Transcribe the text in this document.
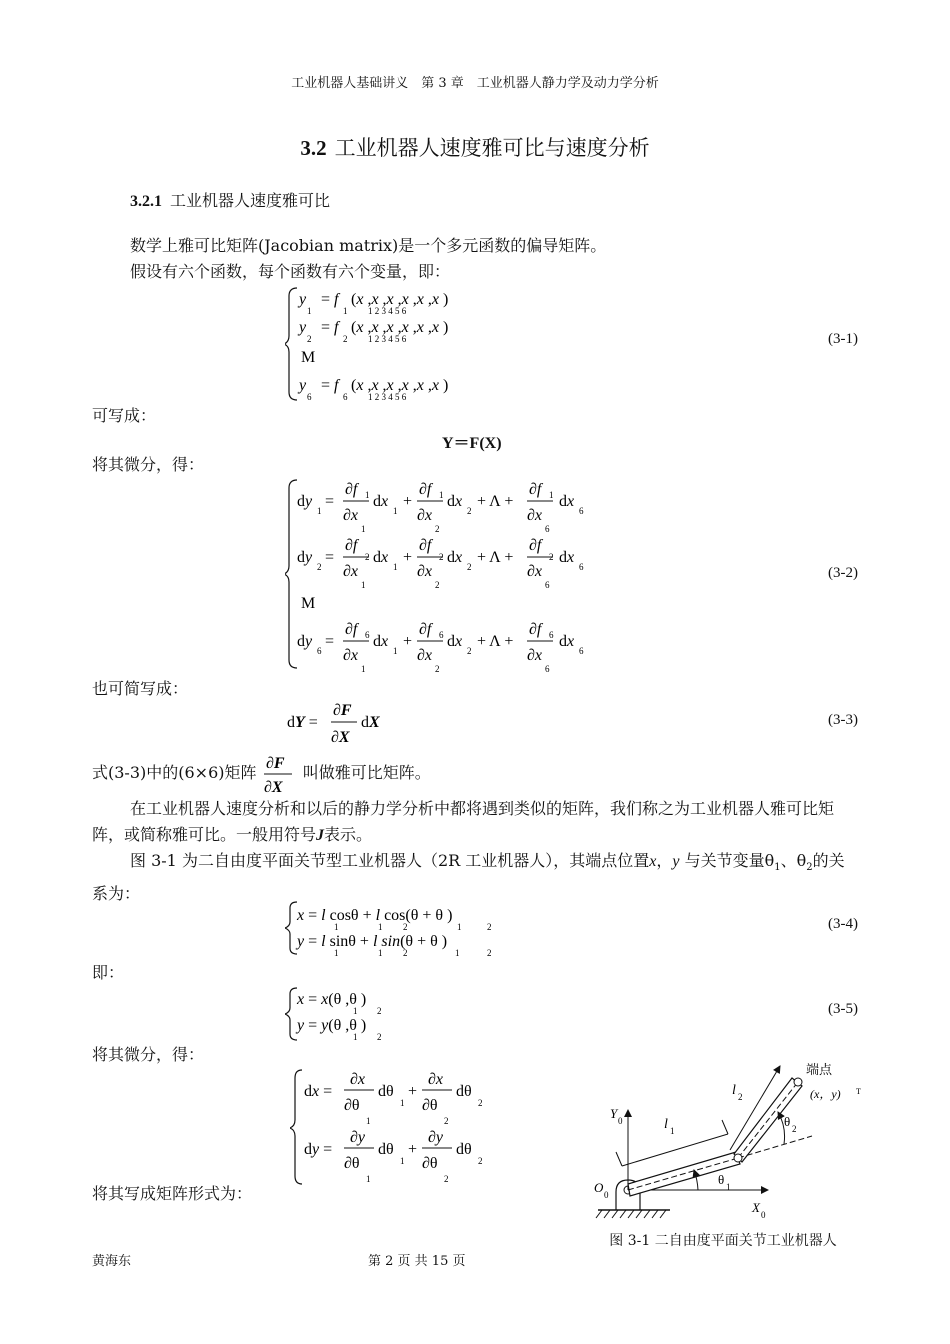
工业机器人基础讲义　第 3 章　工业机器人静力学及动力学分析
3.2 工业机器人速度雅可比与速度分析
3.2.1 工业机器人速度雅可比
数学上雅可比矩阵(Jacobian matrix)是一个多元函数的偏导矩阵。
假设有六个函数，每个函数有六个变量，即：
y
1
= f
1
(x ,x ,x ,x ,x ,x )
1 2 3 4 5 6
y
2
= f
2
(x ,x ,x ,x ,x ,x )
1 2 3 4 5 6
M
y
6
= f
6
(x ,x ,x ,x ,x ,x )
1 2 3 4 5 6
(3-1)
可写成：
Y＝F(X)
将其微分，得：
dy
1
=
∂f 1
∂x
1
dx
1
+
∂f 1
∂x
2
dx
2
+ Λ +
∂f 1
∂x
6
dx
6
dy
2
=
∂f
2
∂x
1
dx
1
+
∂f
2
∂x
2
dx
2
+ Λ +
∂f
2
∂x
6
dx
6
M
dy
6
=
∂f 6
∂x
1
dx
1
+
∂f 6
∂x
2
dx
2
+ Λ +
∂f 6
∂x
6
dx
6
(3-2)
也可简写成：
dY =
∂F
∂X
dX	(3-3)
式(3-3)中的(6×6)矩阵 ∂F
∂X
叫做雅可比矩阵。
在工业机器人速度分析和以后的静力学分析中都将遇到类似的矩阵，我们称之为工业机器人雅可比矩阵，或简称雅可比。一般用符号J表示。
图 3-1 为二自由度平面关节型工业机器人（2R 工业机器人），其端点位置x，y 与关节变量$\theta_1$、$\theta_2$的关系为：
x = l cosθ + l cos(θ + θ )
1	1 2	1	2
y = l sinθ + l sin(θ + θ )
1	1 2	1	2
(3-4)
即：
x = x(θ ,θ )
1 2
y = y(θ ,θ )
1 2
(3-5)
将其微分，得：
dx =
∂x
∂θ
1
dθ
1
+
∂x
∂θ
2
dθ
2
dy =
∂y
∂θ
1
dθ
1
+
∂y
∂θ
2
dθ
2
将其写成矩阵形式为：
端点
(x，y) T
l 2
l 1
θ 2
θ 1
Y 0
X 0
O 0
图 3-1 二自由度平面关节工业机器人
黄海东	第 2 页 共 15 页
